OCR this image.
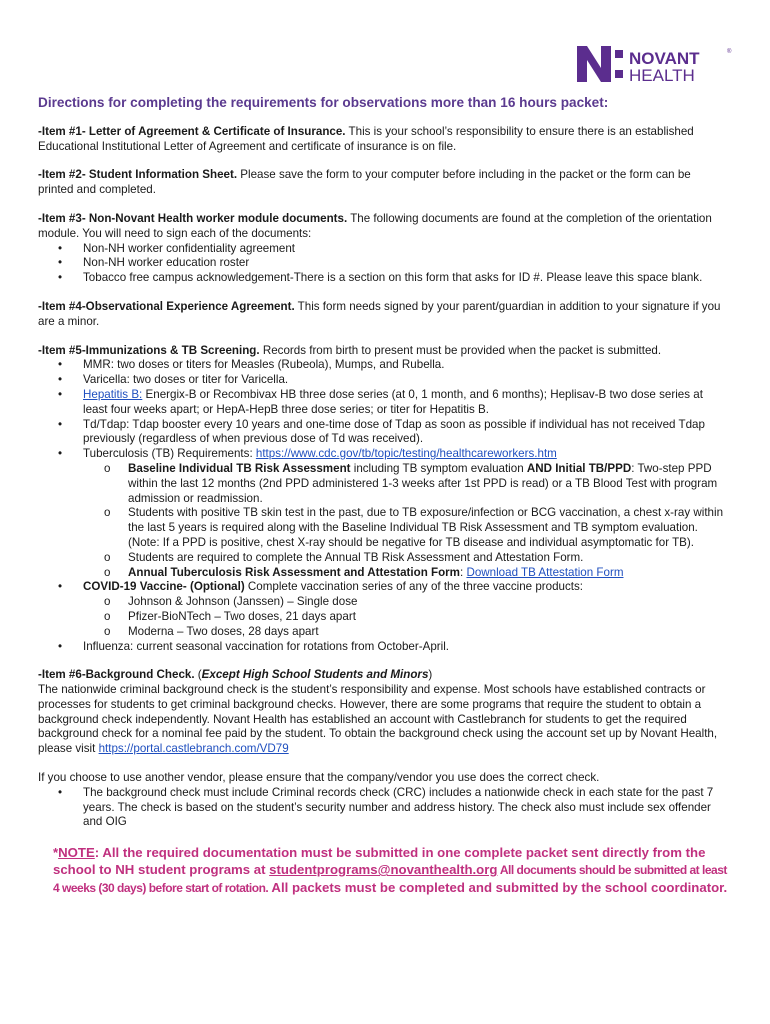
NOVANT	®
HEALTH
Directions for completing the requirements for observations more than 16 hours packet:

-Item #1- Letter of Agreement & Certificate of Insurance. This is your school’s responsibility to ensure there is an established Educational Institutional Letter of Agreement and certificate of insurance is on file.

-Item #2- Student Information Sheet. Please save the form to your computer before including in the packet or the form can be printed and completed.

-Item #3- Non-Novant Health worker module documents. The following documents are found at the completion of the orientation module. You will need to sign each of the documents:

• Non-NH worker confidentiality agreement
• Non-NH worker education roster
• Tobacco free campus acknowledgement-There is a section on this form that asks for ID #. Please leave this space blank.

-Item #4-Observational Experience Agreement. This form needs signed by your parent/guardian in addition to your signature if you are a minor.

-Item #5-Immunizations & TB Screening. Records from birth to present must be provided when the packet is submitted.

• MMR: two doses or titers for Measles (Rubeola), Mumps, and Rubella.
• Varicella: two doses or titer for Varicella.
• Hepatitis B: Energix-B or Recombivax HB three dose series (at 0, 1 month, and 6 months); Heplisav-B two dose series at least four weeks apart; or HepA-HepB three dose series; or titer for Hepatitis B.
• Td/Tdap: Tdap booster every 10 years and one-time dose of Tdap as soon as possible if individual has not received Tdap previously (regardless of when previous dose of Td was received).
• Tuberculosis (TB) Requirements: https://www.cdc.gov/tb/topic/testing/healthcareworkers.htm
o Baseline Individual TB Risk Assessment including TB symptom evaluation AND Initial TB/PPD: Two-step PPD within the last 12 months (2nd PPD administered 1-3 weeks after 1st PPD is read) or a TB Blood Test with program admission or readmission.
o Students with positive TB skin test in the past, due to TB exposure/infection or BCG vaccination, a chest x-ray within the last 5 years is required along with the Baseline Individual TB Risk Assessment and TB symptom evaluation. (Note: If a PPD is positive, chest X-ray should be negative for TB disease and individual asymptomatic for TB).
o Students are required to complete the Annual TB Risk Assessment and Attestation Form.
o Annual Tuberculosis Risk Assessment and Attestation Form: Download TB Attestation Form
• COVID-19 Vaccine- (Optional) Complete vaccination series of any of the three vaccine products:
o Johnson & Johnson (Janssen) – Single dose
o Pfizer-BioNTech – Two doses, 21 days apart
o Moderna – Two doses, 28 days apart
• Influenza: current seasonal vaccination for rotations from October-April.

-Item #6-Background Check. (Except High School Students and Minors)
The nationwide criminal background check is the student’s responsibility and expense. Most schools have established contracts or processes for students to get criminal background checks. However, there are some programs that require the student to obtain a background check independently. Novant Health has established an account with Castlebranch for students to get the required background check for a nominal fee paid by the student. To obtain the background check using the account set up by Novant Health, please visit https://portal.castlebranch.com/VD79

If you choose to use another vendor, please ensure that the company/vendor you use does the correct check.

• The background check must include Criminal records check (CRC) includes a nationwide check in each state for the past 7 years. The check is based on the student’s security number and address history. The check also must include sex offender and OIG
*NOTE: All the required documentation must be submitted in one complete packet sent directly from the school to NH student programs at studentprograms@novanthealth.org All documents should be submitted at least 4 weeks (30 days) before start of rotation. All packets must be completed and submitted by the school coordinator.
